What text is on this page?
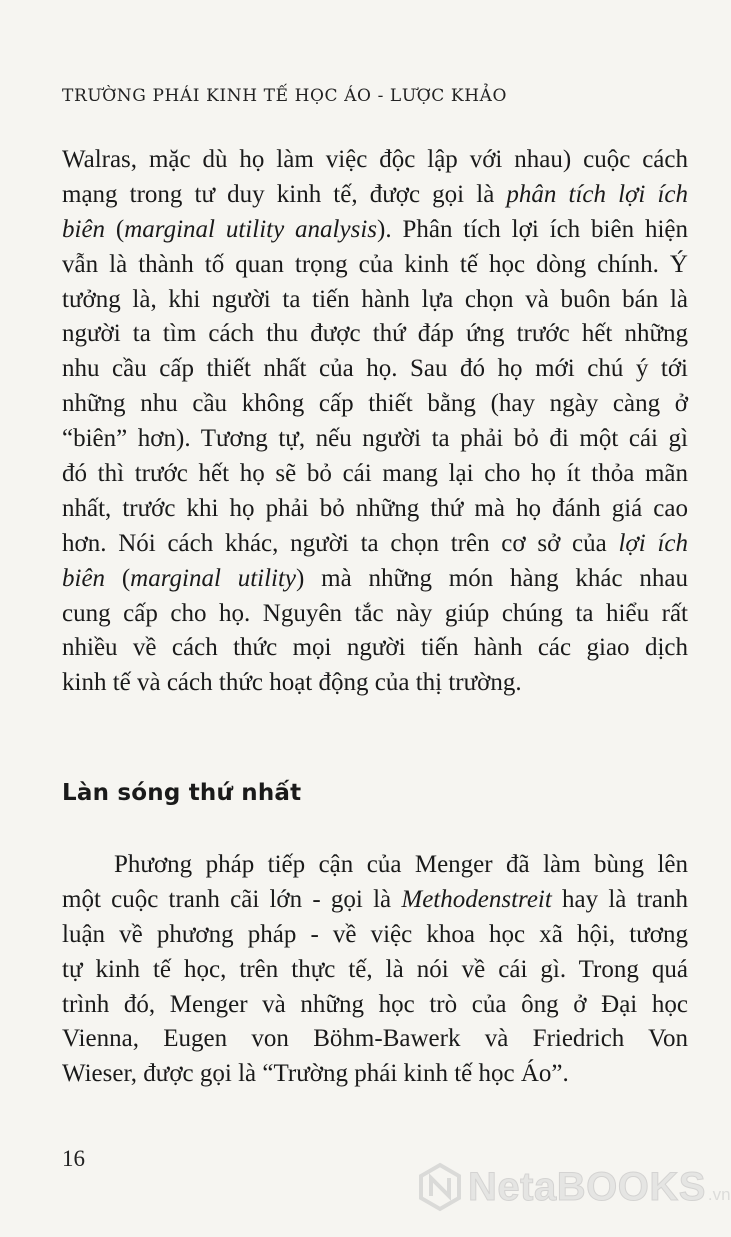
TRƯỜNG PHÁI KINH TẾ HỌC ÁO - LƯỢC KHẢO
Walras, mặc dù họ làm việc độc lập với nhau) cuộc cách
mạng trong tư duy kinh tế, được gọi là phân tích lợi ích
biên (marginal utility analysis). Phân tích lợi ích biên hiện
vẫn là thành tố quan trọng của kinh tế học dòng chính. Ý
tưởng là, khi người ta tiến hành lựa chọn và buôn bán là
người ta tìm cách thu được thứ đáp ứng trước hết những
nhu cầu cấp thiết nhất của họ. Sau đó họ mới chú ý tới
những nhu cầu không cấp thiết bằng (hay ngày càng ở
“biên” hơn). Tương tự, nếu người ta phải bỏ đi một cái gì
đó thì trước hết họ sẽ bỏ cái mang lại cho họ ít thỏa mãn
nhất, trước khi họ phải bỏ những thứ mà họ đánh giá cao
hơn. Nói cách khác, người ta chọn trên cơ sở của lợi ích
biên (marginal utility) mà những món hàng khác nhau
cung cấp cho họ. Nguyên tắc này giúp chúng ta hiểu rất
nhiều về cách thức mọi người tiến hành các giao dịch
kinh tế và cách thức hoạt động của thị trường.
Làn sóng thứ nhất
Phương pháp tiếp cận của Menger đã làm bùng lên
một cuộc tranh cãi lớn - gọi là Methodenstreit hay là tranh
luận về phương pháp - về việc khoa học xã hội, tương
tự kinh tế học, trên thực tế, là nói về cái gì. Trong quá
trình đó, Menger và những học trò của ông ở Đại học
Vienna, Eugen von Böhm-Bawerk và Friedrich Von
Wieser, được gọi là “Trường phái kinh tế học Áo”.
16
NetaBOOKS .vn
